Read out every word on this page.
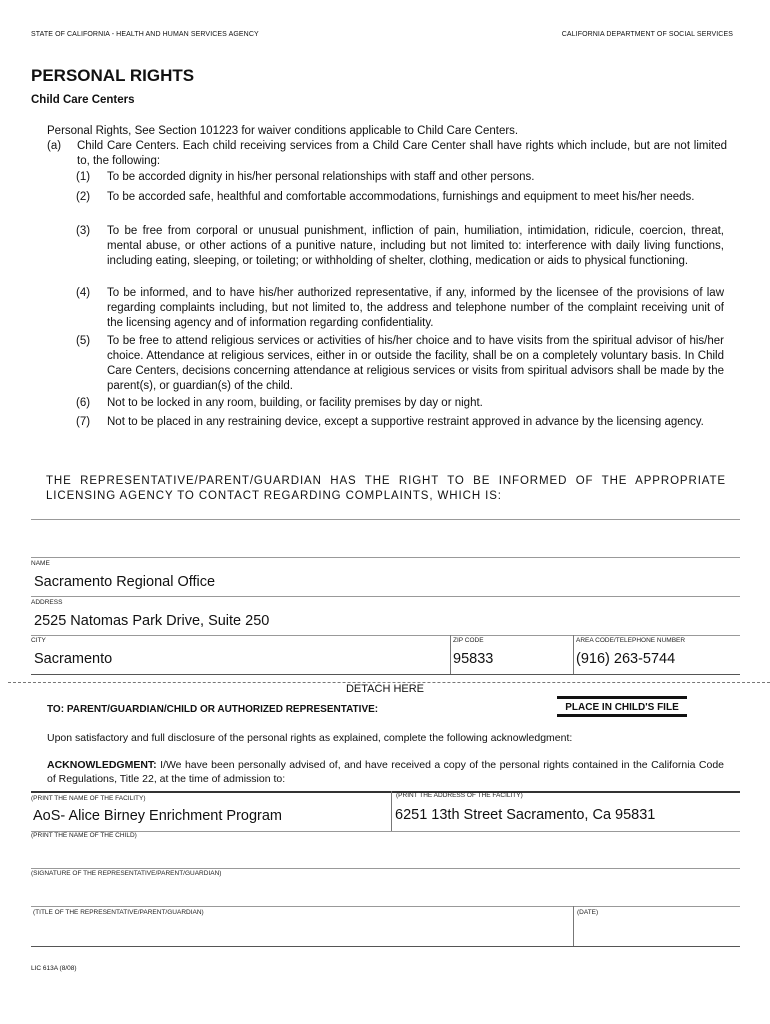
STATE OF CALIFORNIA - HEALTH AND HUMAN SERVICES AGENCY	CALIFORNIA DEPARTMENT OF SOCIAL SERVICES
PERSONAL RIGHTS
Child Care Centers
Personal Rights, See Section 101223 for waiver conditions applicable to Child Care Centers.
(a) Child Care Centers. Each child receiving services from a Child Care Center shall have rights which include, but are not limited to, the following:
(1) To be accorded dignity in his/her personal relationships with staff and other persons.
(2) To be accorded safe, healthful and comfortable accommodations, furnishings and equipment to meet his/her needs.
(3) To be free from corporal or unusual punishment, infliction of pain, humiliation, intimidation, ridicule, coercion, threat, mental abuse, or other actions of a punitive nature, including but not limited to: interference with daily living functions, including eating, sleeping, or toileting; or withholding of shelter, clothing, medication or aids to physical functioning.
(4) To be informed, and to have his/her authorized representative, if any, informed by the licensee of the provisions of law regarding complaints including, but not limited to, the address and telephone number of the complaint receiving unit of the licensing agency and of information regarding confidentiality.
(5) To be free to attend religious services or activities of his/her choice and to have visits from the spiritual advisor of his/her choice. Attendance at religious services, either in or outside the facility, shall be on a completely voluntary basis. In Child Care Centers, decisions concerning attendance at religious services or visits from spiritual advisors shall be made by the parent(s), or guardian(s) of the child.
(6) Not to be locked in any room, building, or facility premises by day or night.
(7) Not to be placed in any restraining device, except a supportive restraint approved in advance by the licensing agency.
THE REPRESENTATIVE/PARENT/GUARDIAN HAS THE RIGHT TO BE INFORMED OF THE APPROPRIATE LICENSING AGENCY TO CONTACT REGARDING COMPLAINTS, WHICH IS:
NAME
Sacramento Regional Office
ADDRESS
2525 Natomas Park Drive, Suite 250
CITY
Sacramento
ZIP CODE
95833
AREA CODE/TELEPHONE NUMBER
(916) 263-5744
DETACH HERE
TO: PARENT/GUARDIAN/CHILD OR AUTHORIZED REPRESENTATIVE:	PLACE IN CHILD'S FILE
Upon satisfactory and full disclosure of the personal rights as explained, complete the following acknowledgment:
ACKNOWLEDGMENT: I/We have been personally advised of, and have received a copy of the personal rights contained in the California Code of Regulations, Title 22, at the time of admission to:
(PRINT THE NAME OF THE FACILITY)
AoS- Alice Birney Enrichment Program
(PRINT THE ADDRESS OF THE FACILITY)
6251 13th Street Sacramento, Ca 95831
(PRINT THE NAME OF THE CHILD)
(SIGNATURE OF THE REPRESENTATIVE/PARENT/GUARDIAN)
(TITLE OF THE REPRESENTATIVE/PARENT/GUARDIAN)	(DATE)
LIC 613A (8/08)
